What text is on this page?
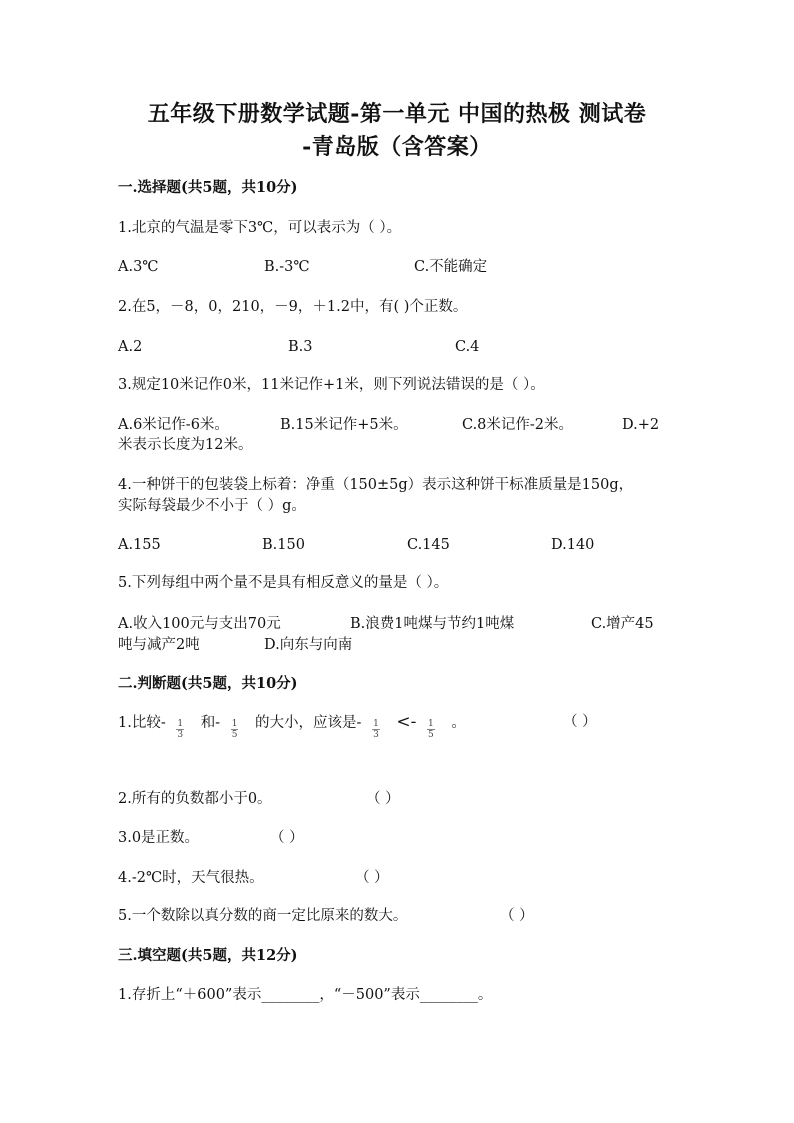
五年级下册数学试题-第一单元 中国的热极 测试卷
-青岛版（含答案）
一.选择题(共5题，共10分)
1.北京的气温是零下3℃，可以表示为（ ）。
A.3℃	B.-3℃	C.不能确定
2.在5，－8，0，210，－9，＋1.2中，有( )个正数。
A.2	B.3	C.4
3.规定10米记作0米，11米记作+1米，则下列说法错误的是（ ）。
A.6米记作-6米。	B.15米记作+5米。	C.8米记作-2米。	D.+2
米表示长度为12米。
4.一种饼干的包装袋上标着：净重（150±5g）表示这种饼干标准质量是150g，
实际每袋最少不小于（ ）g。
A.155	B.150	C.145	D.140
5.下列每组中两个量不是具有相反意义的量是（ ）。
A.收入100元与支出70元	B.浪费1吨煤与节约1吨煤	C.增产45
吨与减产2吨	D.向东与向南
二.判断题(共5题，共10分)
1.比较- $\frac{1}{3}$ 和- $\frac{1}{5}$ 的大小，应该是- $\frac{1}{3} <- \frac{1}{5}$ 。	（ ）
2.所有的负数都小于0。	（ ）
3.0是正数。	（ ）
4.-2℃时，天气很热。	（ ）
5.一个数除以真分数的商一定比原来的数大。	（ ）
三.填空题(共5题，共12分)
1.存折上“＋600”表示________，“－500”表示________。
